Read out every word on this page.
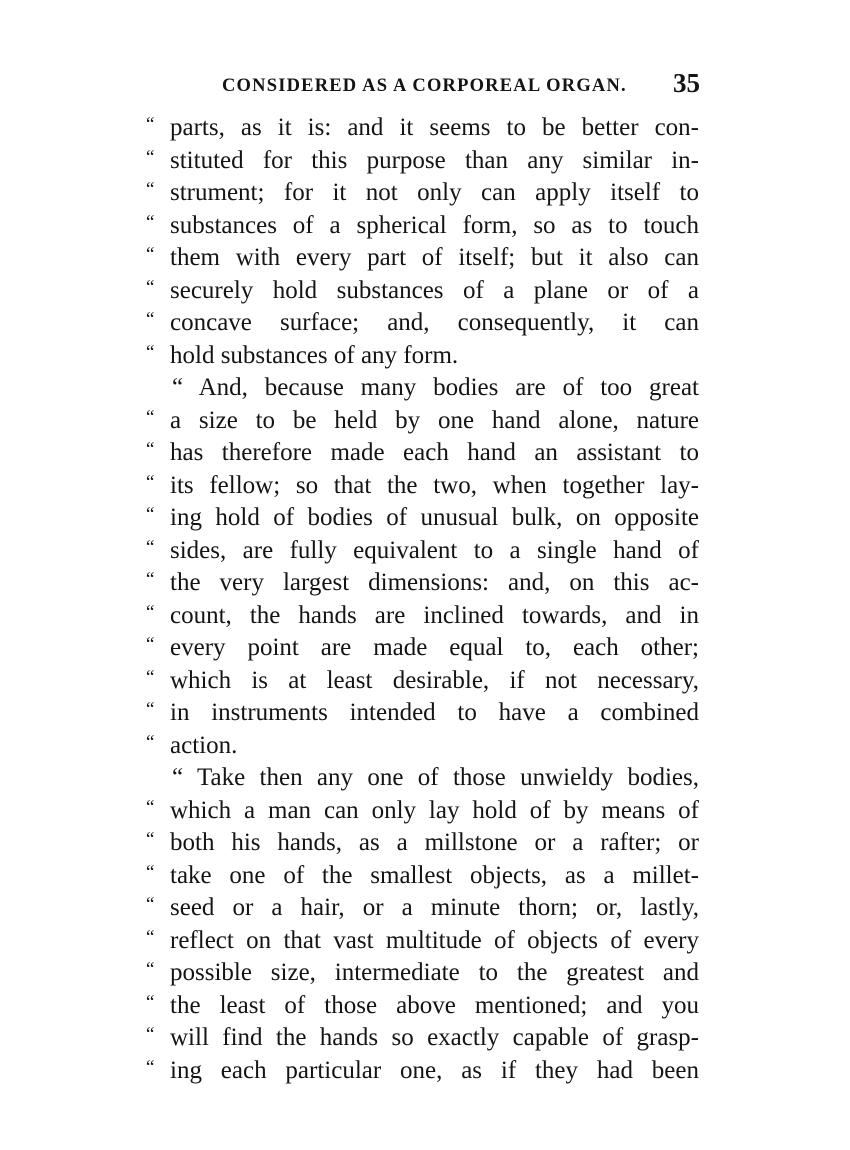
CONSIDERED AS A CORPOREAL ORGAN. 35
“ parts, as it is: and it seems to be better con-
“ stituted for this purpose than any similar in-
“ strument; for it not only can apply itself to
“ substances of a spherical form, so as to touch
“ them with every part of itself; but it also can
“ securely hold substances of a plane or of a
“ concave surface; and, consequently, it can
“ hold substances of any form.
“ And, because many bodies are of too great
“ a size to be held by one hand alone, nature
“ has therefore made each hand an assistant to
“ its fellow; so that the two, when together lay-
“ ing hold of bodies of unusual bulk, on opposite
“ sides, are fully equivalent to a single hand of
“ the very largest dimensions: and, on this ac-
“ count, the hands are inclined towards, and in
“ every point are made equal to, each other;
“ which is at least desirable, if not necessary,
“ in instruments intended to have a combined
“ action.
“ Take then any one of those unwieldy bodies,
“ which a man can only lay hold of by means of
“ both his hands, as a millstone or a rafter; or
“ take one of the smallest objects, as a millet-
“ seed or a hair, or a minute thorn; or, lastly,
“ reflect on that vast multitude of objects of every
“ possible size, intermediate to the greatest and
“ the least of those above mentioned; and you
“ will find the hands so exactly capable of grasp-
“ ing each particular one, as if they had been
